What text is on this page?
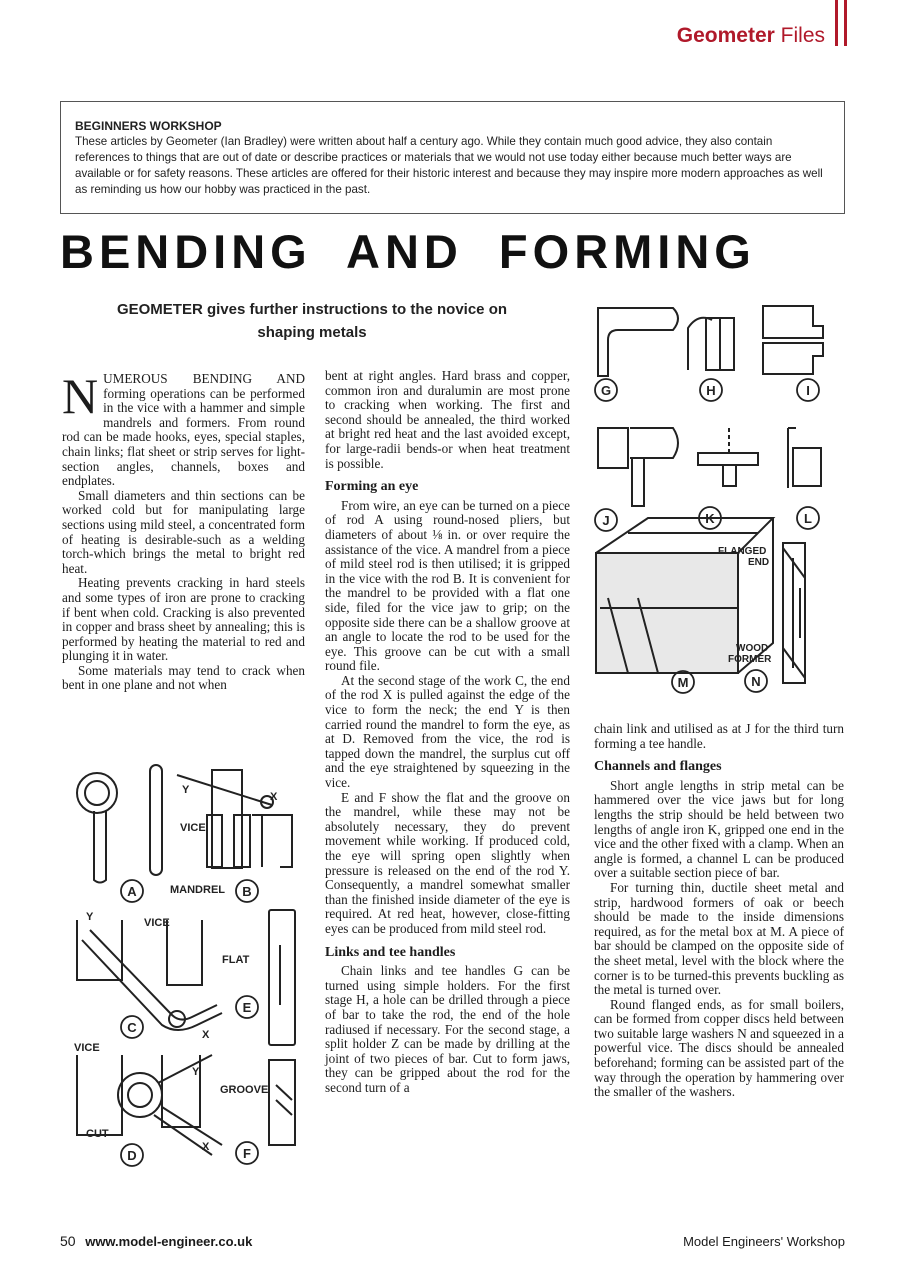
Geometer Files
BEGINNERS WORKSHOP
These articles by Geometer (Ian Bradley) were written about half a century ago. While they contain much good advice, they also contain references to things that are out of date or describe practices or materials that we would not use today either because much better ways are available or for safety reasons. These articles are offered for their historic interest and because they may inspire more modern approaches as well as reminding us how our hobby was practiced in the past.
BENDING AND FORMING
GEOMETER gives further instructions to the novice on shaping metals

NUMEROUS BENDING AND forming operations can be performed in the vice with a hammer and simple mandrels and formers. From round rod can be made hooks, eyes, special staples, chain links; flat sheet or strip serves for light-section angles, channels, boxes and endplates.

Small diameters and thin sections can be worked cold but for manipulating large sections using mild steel, a concentrated form of heating is desirable-such as a welding torch-which brings the metal to bright red heat.

Heating prevents cracking in hard steels and some types of iron are prone to cracking if bent when cold. Cracking is also prevented in copper and brass sheet by annealing; this is performed by heating the material to red and plunging it in water.

Some materials may tend to crack when bent in one plane and not when

bent at right angles. Hard brass and copper, common iron and duralumin are most prone to cracking when working. The first and second should be annealed, the third worked at bright red heat and the last avoided except, for large-radii bends-or when heat treatment is possible.

Forming an eye

From wire, an eye can be turned on a piece of rod A using round-nosed pliers, but diameters of about ⅛ in. or over require the assistance of the vice. A mandrel from a piece of mild steel rod is then utilised; it is gripped in the vice with the rod B. It is convenient for the mandrel to be provided with a flat one side, filed for the vice jaw to grip; on the opposite side there can be a shallow groove at an angle to locate the rod to be used for the eye. This groove can be cut with a small round file.

At the second stage of the work C, the end of the rod X is pulled against the edge of the vice to form the neck; the end Y is then carried round the mandrel to form the eye, as at D. Removed from the vice, the rod is tapped down the mandrel, the surplus cut off and the eye straightened by squeezing in the vice.

E and F show the flat and the groove on the mandrel, while these may not be absolutely necessary, they do prevent movement while working. If produced cold, the eye will spring open slightly when pressure is released on the end of the rod Y. Consequently, a mandrel somewhat smaller than the finished inside diameter of the eye is required. At red heat, however, close-fitting eyes can be produced from mild steel rod.

Links and tee handles

Chain links and tee handles G can be turned using simple holders. For the first stage H, a hole can be drilled through a piece of bar to take the rod, the end of the hole radiused if necessary. For the second stage, a split holder Z can be made by drilling at the joint of two pieces of bar. Cut to form jaws, they can be gripped about the rod for the second turn of a

chain link and utilised as at J for the third turn forming a tee handle.

Channels and flanges

Short angle lengths in strip metal can be hammered over the vice jaws but for long lengths the strip should be held between two lengths of angle iron K, gripped one end in the vice and the other fixed with a clamp. When an angle is formed, a channel L can be produced over a suitable section piece of bar.

For turning thin, ductile sheet metal and strip, hardwood formers of oak or beech should be made to the inside dimensions required, as for the metal box at M. A piece of bar should be clamped on the opposite side of the sheet metal, level with the block where the corner is to be turned-this prevents buckling as the metal is turned over.

Round flanged ends, as for small boilers, can be formed from copper discs held between two suitable large washers N and squeezed in a powerful vice. The discs should be annealed beforehand; forming can be assisted part of the way through the operation by hammering over the smaller of the washers.

Y
X
VICE
MANDREL
Y	VICE
FLAT
X
VICE
Y
GROOVE
CUT
X
A	B
C
E
D	F
G	H	I
J	K	L
M	N
FLANGED
END
WOOD
FORMER
50 www.model-engineer.co.uk	Model Engineers' Workshop
